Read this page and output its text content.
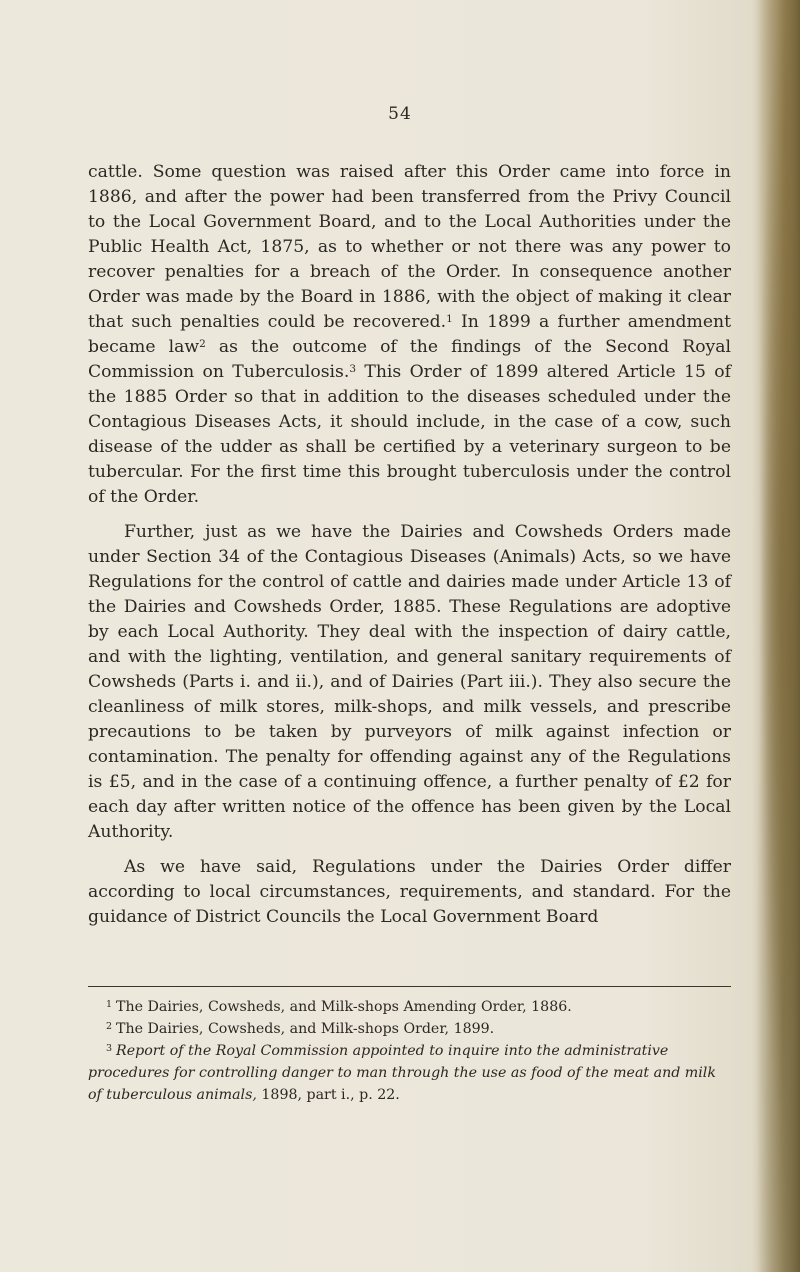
54

cattle. Some question was raised after this Order came into force in 1886, and after the power had been transferred from the Privy Council to the Local Government Board, and to the Local Authorities under the Public Health Act, 1875, as to whether or not there was any power to recover penalties for a breach of the Order. In consequence another Order was made by the Board in 1886, with the object of making it clear that such penalties could be recovered.$^1$ In 1899 a further amendment became law$^2$ as the outcome of the findings of the Second Royal Commission on Tuberculosis.$^3$ This Order of 1899 altered Article 15 of the 1885 Order so that in addition to the diseases scheduled under the Contagious Diseases Acts, it should include, in the case of a cow, such disease of the udder as shall be certified by a veterinary surgeon to be tubercular. For the first time this brought tuberculosis under the control of the Order.

Further, just as we have the Dairies and Cowsheds Orders made under Section 34 of the Contagious Diseases (Animals) Acts, so we have Regulations for the control of cattle and dairies made under Article 13 of the Dairies and Cowsheds Order, 1885. These Regulations are adoptive by each Local Authority. They deal with the inspection of dairy cattle, and with the lighting, ventilation, and general sanitary requirements of Cowsheds (Parts i. and ii.), and of Dairies (Part iii.). They also secure the cleanliness of milk stores, milk-shops, and milk vessels, and prescribe precautions to be taken by purveyors of milk against infection or contamination. The penalty for offending against any of the Regulations is £5, and in the case of a continuing offence, a further penalty of £2 for each day after written notice of the offence has been given by the Local Authority.

As we have said, Regulations under the Dairies Order differ according to local circumstances, requirements, and standard. For the guidance of District Councils the Local Government Board

$^1$ The Dairies, Cowsheds, and Milk-shops Amending Order, 1886.
$^2$ The Dairies, Cowsheds, and Milk-shops Order, 1899.
$^3$ Report of the Royal Commission appointed to inquire into the administrative procedures for controlling danger to man through the use as food of the meat and milk of tuberculous animals, 1898, part i., p. 22.
